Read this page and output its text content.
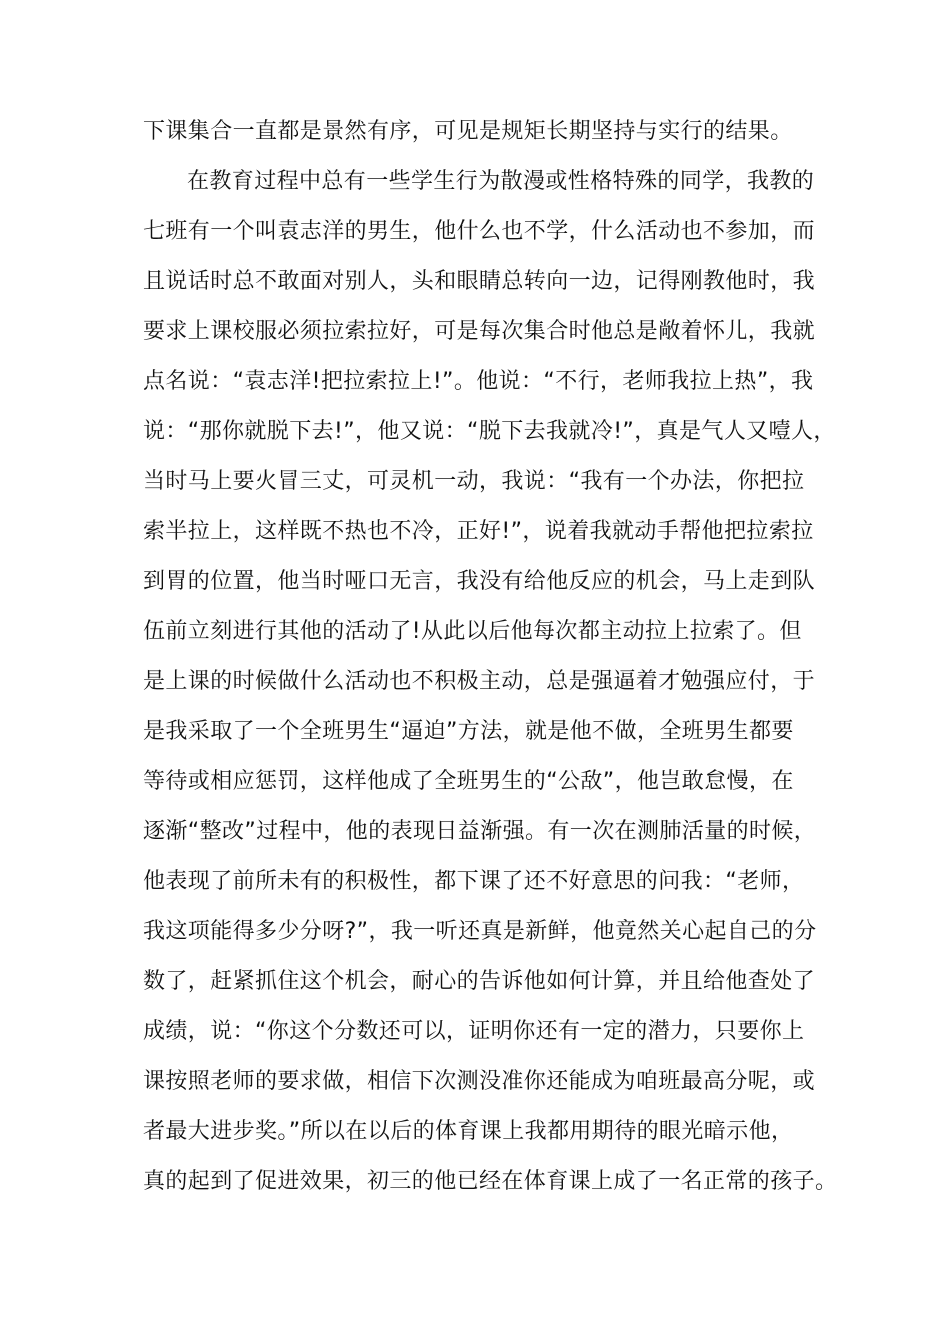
下课集合一直都是景然有序，可见是规矩长期坚持与实行的结果。
在教育过程中总有一些学生行为散漫或性格特殊的同学，我教的
七班有一个叫袁志洋的男生，他什么也不学，什么活动也不参加，而
且说话时总不敢面对别人，头和眼睛总转向一边，记得刚教他时，我
要求上课校服必须拉索拉好，可是每次集合时他总是敞着怀儿，我就
点名说：“袁志洋!把拉索拉上!”。他说：“不行，老师我拉上热”，我
说：“那你就脱下去!”，他又说：“脱下去我就冷!”，真是气人又噎人，
当时马上要火冒三丈，可灵机一动，我说：“我有一个办法，你把拉
索半拉上，这样既不热也不冷，正好!”，说着我就动手帮他把拉索拉
到胃的位置，他当时哑口无言，我没有给他反应的机会，马上走到队
伍前立刻进行其他的活动了!从此以后他每次都主动拉上拉索了。但
是上课的时候做什么活动也不积极主动，总是强逼着才勉强应付，于
是我采取了一个全班男生“逼迫”方法，就是他不做，全班男生都要
等待或相应惩罚，这样他成了全班男生的“公敌”，他岂敢怠慢，在
逐渐“整改”过程中，他的表现日益渐强。有一次在测肺活量的时候，
他表现了前所未有的积极性，都下课了还不好意思的问我：“老师，
我这项能得多少分呀?”，我一听还真是新鲜，他竟然关心起自己的分
数了，赶紧抓住这个机会，耐心的告诉他如何计算，并且给他查处了
成绩，说：“你这个分数还可以，证明你还有一定的潜力，只要你上
课按照老师的要求做，相信下次测没准你还能成为咱班最高分呢，或
者最大进步奖。”所以在以后的体育课上我都用期待的眼光暗示他，
真的起到了促进效果，初三的他已经在体育课上成了一名正常的孩子。
